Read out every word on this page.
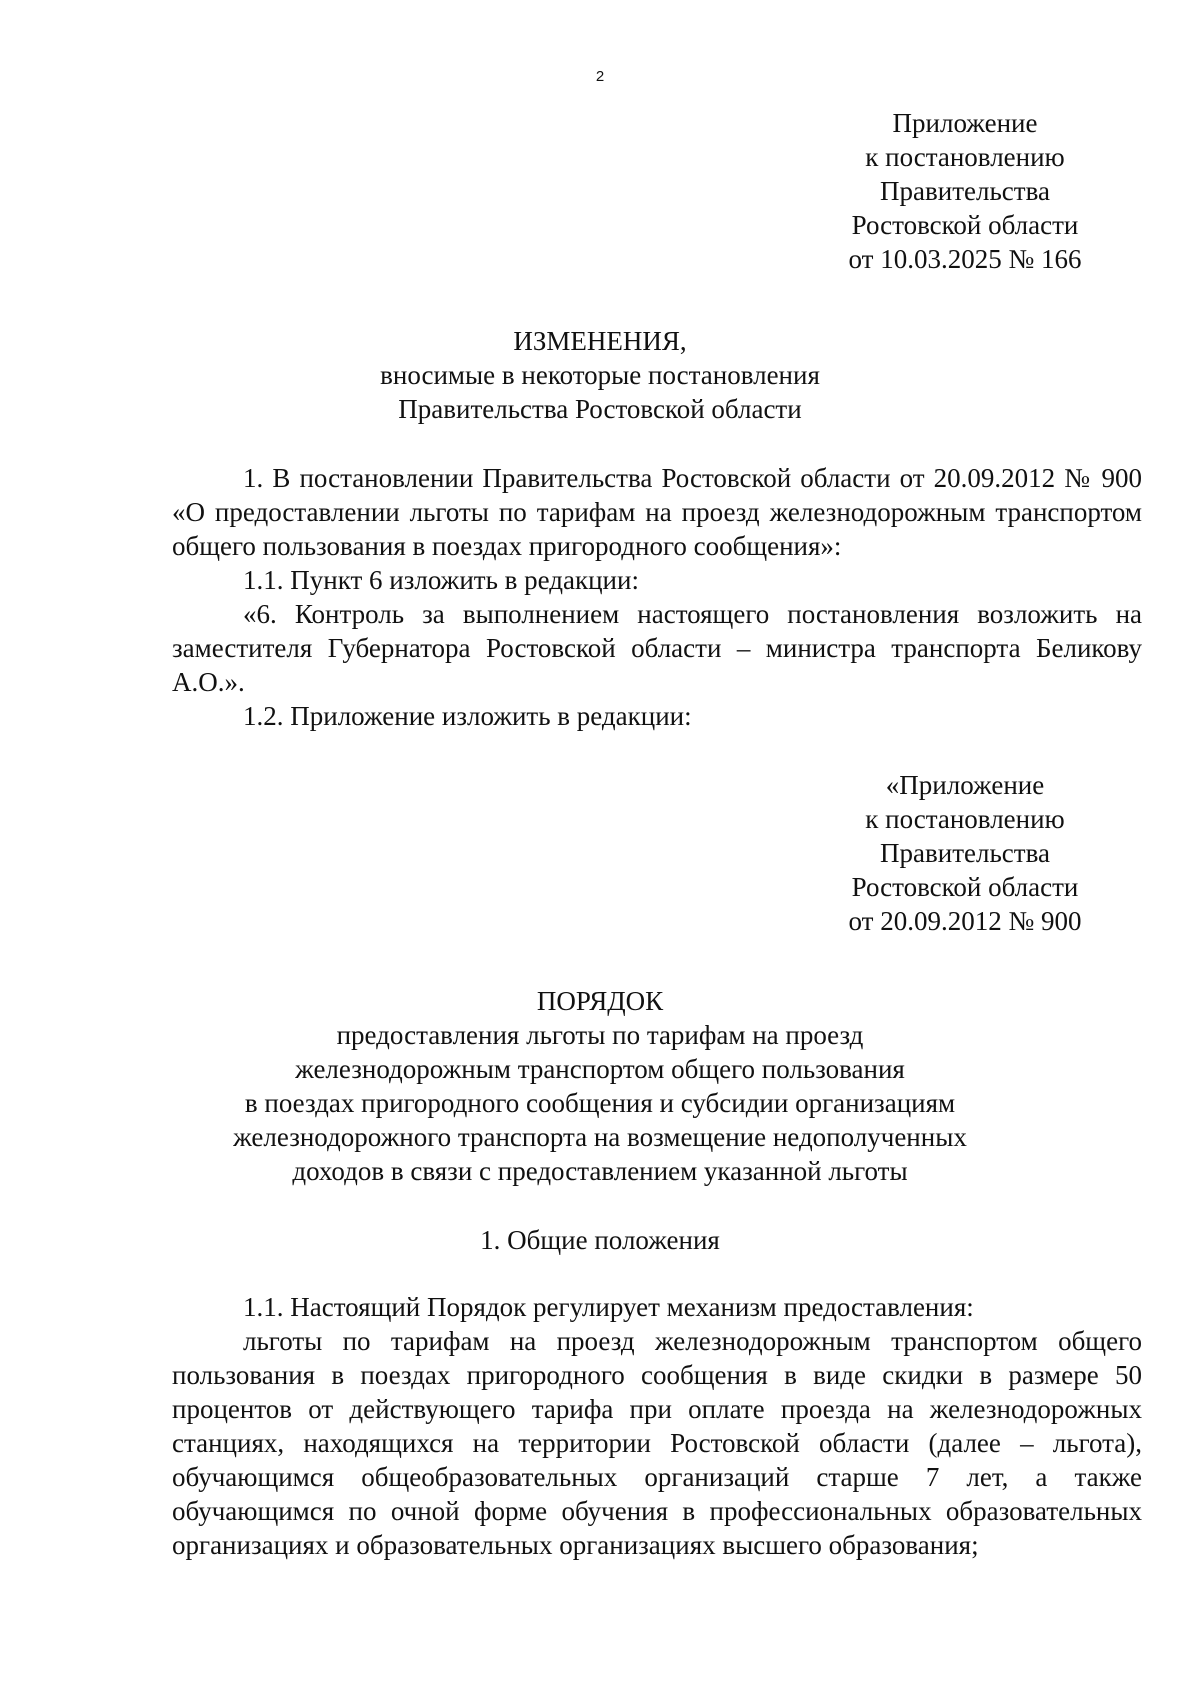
2
Приложение
к постановлению
Правительства
Ростовской области
от 10.03.2025 № 166
ИЗМЕНЕНИЯ,
вносимые в некоторые постановления
Правительства Ростовской области
1. В постановлении Правительства Ростовской области от 20.09.2012 № 900 «О предоставлении льготы по тарифам на проезд железнодорожным транспортом общего пользования в поездах пригородного сообщения»:
1.1. Пункт 6 изложить в редакции:
«6. Контроль за выполнением настоящего постановления возложить на заместителя Губернатора Ростовской области – министра транспорта Беликову А.О.».
1.2. Приложение изложить в редакции:
«Приложение
к постановлению
Правительства
Ростовской области
от 20.09.2012 № 900
ПОРЯДОК
предоставления льготы по тарифам на проезд
железнодорожным транспортом общего пользования
в поездах пригородного сообщения и субсидии организациям
железнодорожного транспорта на возмещение недополученных
доходов в связи с предоставлением указанной льготы
1. Общие положения
1.1. Настоящий Порядок регулирует механизм предоставления:
льготы по тарифам на проезд железнодорожным транспортом общего пользования в поездах пригородного сообщения в виде скидки в размере 50 процентов от действующего тарифа при оплате проезда на железнодорожных станциях, находящихся на территории Ростовской области (далее – льгота), обучающимся общеобразовательных организаций старше 7 лет, а также обучающимся по очной форме обучения в профессиональных образовательных организациях и образовательных организациях высшего образования;
